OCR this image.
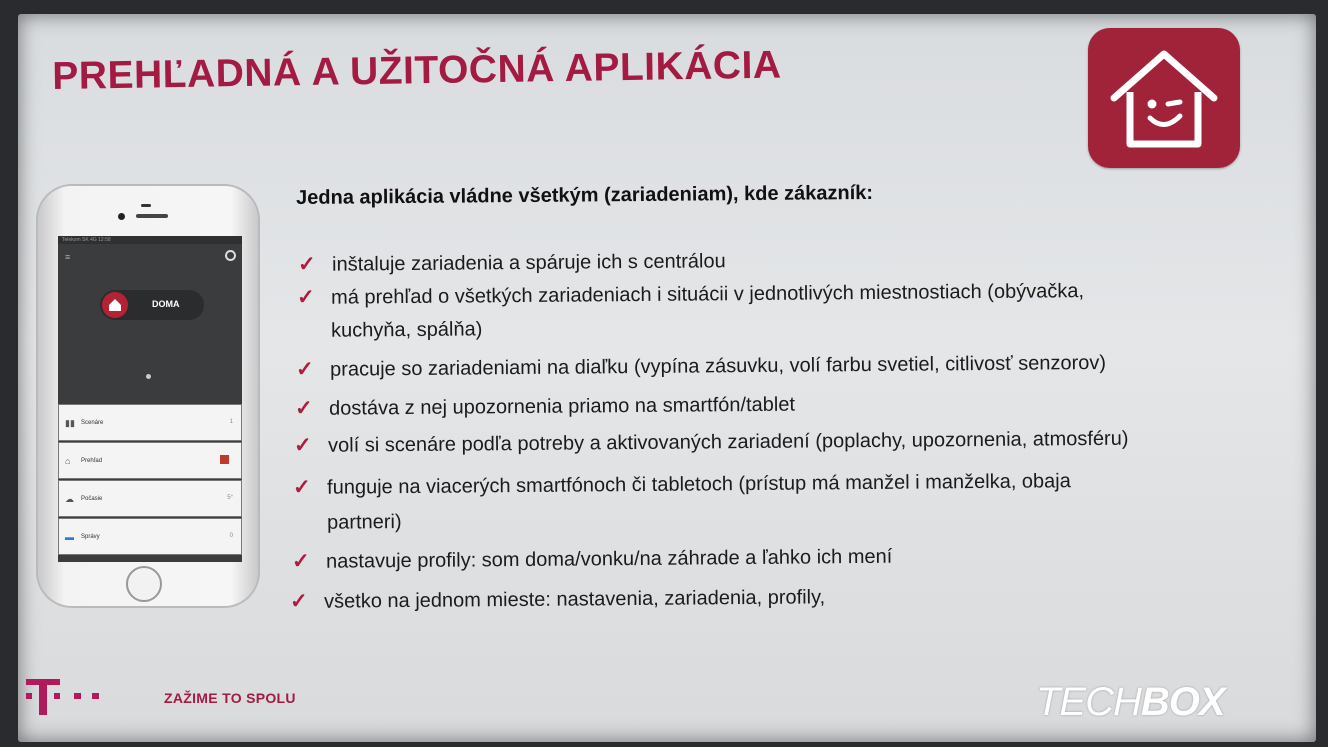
PREHĽADNÁ A UŽITOČNÁ APLIKÁCIA
Telekom SK 4G 12:58
≡
DOMA
▮▮ Scenáre	1
⌂ Prehľad
☁ Počasie	5°
▬ Správy	0
Jedna aplikácia vládne všetkým (zariadeniam), kde zákazník:
✓ inštaluje zariadenia a spáruje ich s centrálou
✓ má prehľad o všetkých zariadeniach i situácii v jednotlivých miestnostiach (obývačka,
kuchyňa, spálňa)
✓ pracuje so zariadeniami na diaľku (vypína zásuvku, volí farbu svetiel, citlivosť senzorov)
✓ dostáva z nej upozornenia priamo na smartfón/tablet
✓ volí si scenáre podľa potreby a aktivovaných zariadení (poplachy, upozornenia, atmosféru)
✓ funguje na viacerých smartfónoch či tabletoch (prístup má manžel i manželka, obaja
partneri)
✓ nastavuje profily: som doma/vonku/na záhrade a ľahko ich mení
✓ všetko na jednom mieste: nastavenia, zariadenia, profily,
ZAŽIME TO SPOLU	TECHBOX
